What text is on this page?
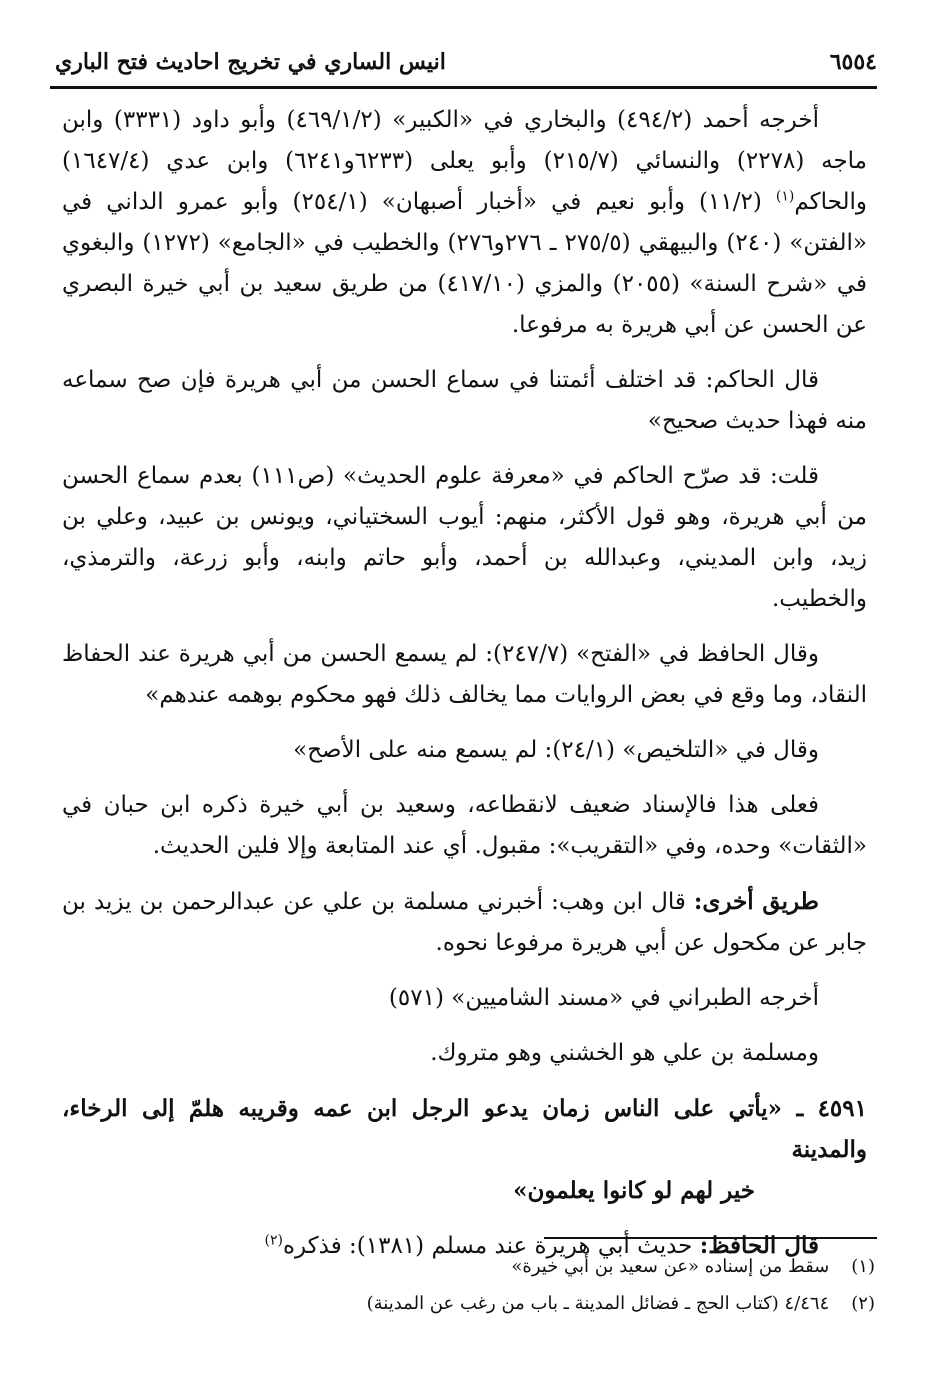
٦٥٥٤
انيس الساري في تخريج احاديث فتح الباري

أخرجه أحمد (٤٩٤/٢) والبخاري في «الكبير» (٤٦٩/١/٢) وأبو داود (٣٣٣١) وابن ماجه (٢٢٧٨) والنسائي (٢١٥/٧) وأبو يعلى (٦٢٣٣و٦٢٤١) وابن عدي (١٦٤٧/٤) والحاكم$^{(١)}$ (١١/٢) وأبو نعيم في «أخبار أصبهان» (٢٥٤/١) وأبو عمرو الداني في «الفتن» (٢٤٠) والبيهقي (٢٧٥/٥ ـ ٢٧٦و٢٧٦) والخطيب في «الجامع» (١٢٧٢) والبغوي في «شرح السنة» (٢٠٥٥) والمزي (٤١٧/١٠) من طريق سعيد بن أبي خيرة البصري عن الحسن عن أبي هريرة به مرفوعا.

قال الحاكم: قد اختلف أئمتنا في سماع الحسن من أبي هريرة فإن صح سماعه منه فهذا حديث صحيح»

قلت: قد صرّح الحاكم في «معرفة علوم الحديث» (ص١١١) بعدم سماع الحسن من أبي هريرة، وهو قول الأكثر، منهم: أيوب السختياني، ويونس بن عبيد، وعلي بن زيد، وابن المديني، وعبدالله بن أحمد، وأبو حاتم وابنه، وأبو زرعة، والترمذي، والخطيب.

وقال الحافظ في «الفتح» (٢٤٧/٧): لم يسمع الحسن من أبي هريرة عند الحفاظ النقاد، وما وقع في بعض الروايات مما يخالف ذلك فهو محكوم بوهمه عندهم»

وقال في «التلخيص» (٢٤/١): لم يسمع منه على الأصح»

فعلى هذا فالإسناد ضعيف لانقطاعه، وسعيد بن أبي خيرة ذكره ابن حبان في «الثقات» وحده، وفي «التقريب»: مقبول. أي عند المتابعة وإلا فلين الحديث.

طريق أخرى: قال ابن وهب: أخبرني مسلمة بن علي عن عبدالرحمن بن يزيد بن جابر عن مكحول عن أبي هريرة مرفوعا نحوه.

أخرجه الطبراني في «مسند الشاميين» (٥٧١)

ومسلمة بن علي هو الخشني وهو متروك.

٤٥٩١ ـ «يأتي على الناس زمان يدعو الرجل ابن عمه وقريبه هلمّ إلى الرخاء، والمدينة
خير لهم لو كانوا يعلمون»

قال الحافظ: حديث أبي هريرة عند مسلم (١٣٨١): فذكره$^{(٢)}$

(١)
سقط من إسناده «عن سعيد بن أبي خيرة»
(٢)
٤/٤٦٤ (كتاب الحج ـ فضائل المدينة ـ باب من رغب عن المدينة)
